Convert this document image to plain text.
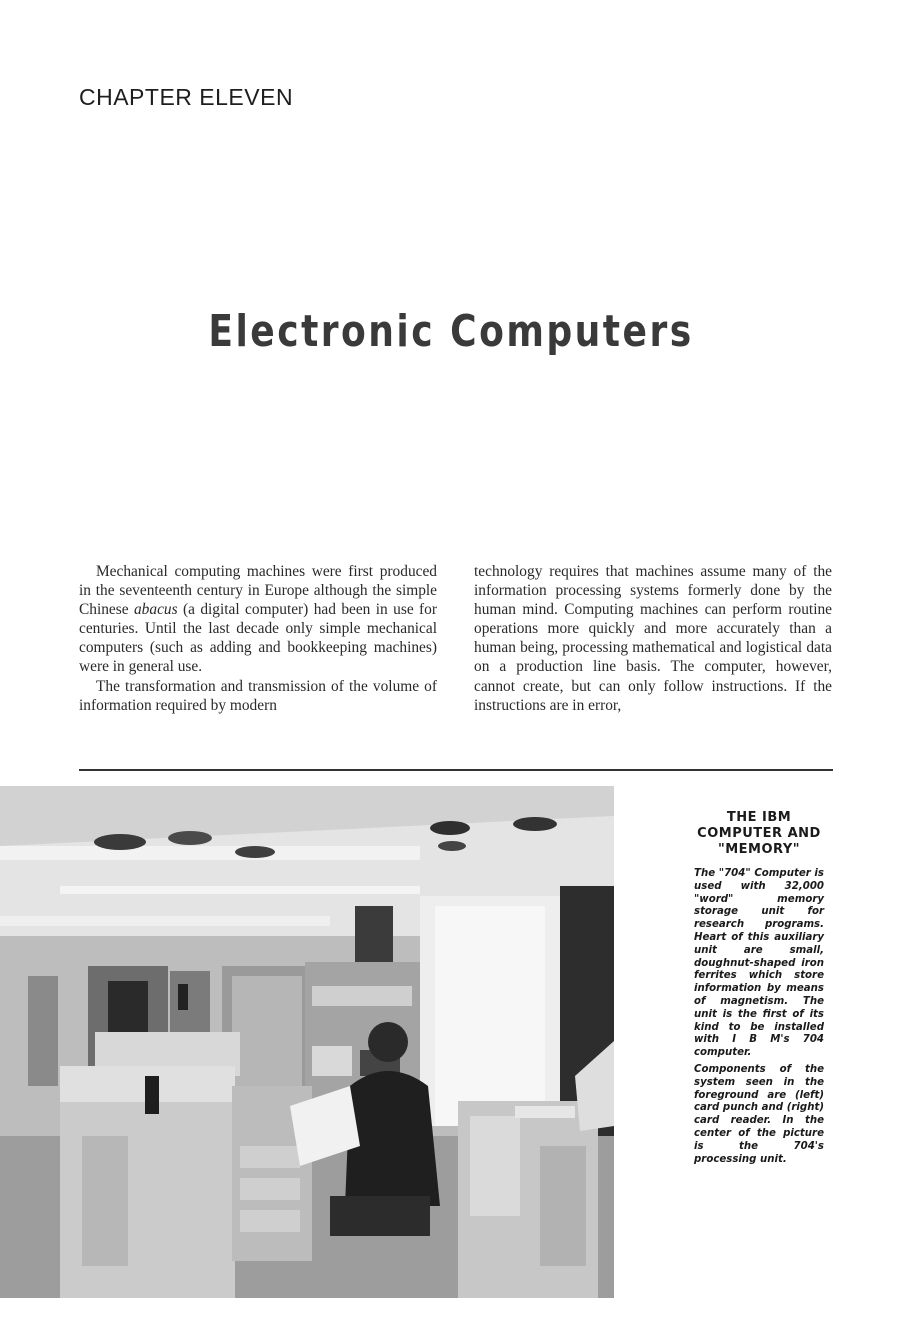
CHAPTER ELEVEN
Electronic Computers

Mechanical computing machines were first produced in the seventeenth century in Europe although the simple Chinese abacus (a digital computer) had been in use for centuries. Until the last decade only simple mechanical computers (such as adding and bookkeeping machines) were in general use.

The transformation and transmission of the volume of information required by modern

technology requires that machines assume many of the information processing systems formerly done by the human mind. Computing machines can perform routine operations more quickly and more accurately than a human being, processing mathematical and logistical data on a production line basis. The computer, however, cannot create, but can only follow instructions. If the instructions are in error,

THE IBM COMPUTER AND "MEMORY"

The "704" Computer is used with 32,000 "word" memory storage unit for research programs. Heart of this auxiliary unit are small, doughnut-shaped iron ferrites which store information by means of magnetism. The unit is the first of its kind to be installed with I B M's 704 computer.

Components of the system seen in the foreground are (left) card punch and (right) card reader. In the center of the picture is the 704's processing unit.
